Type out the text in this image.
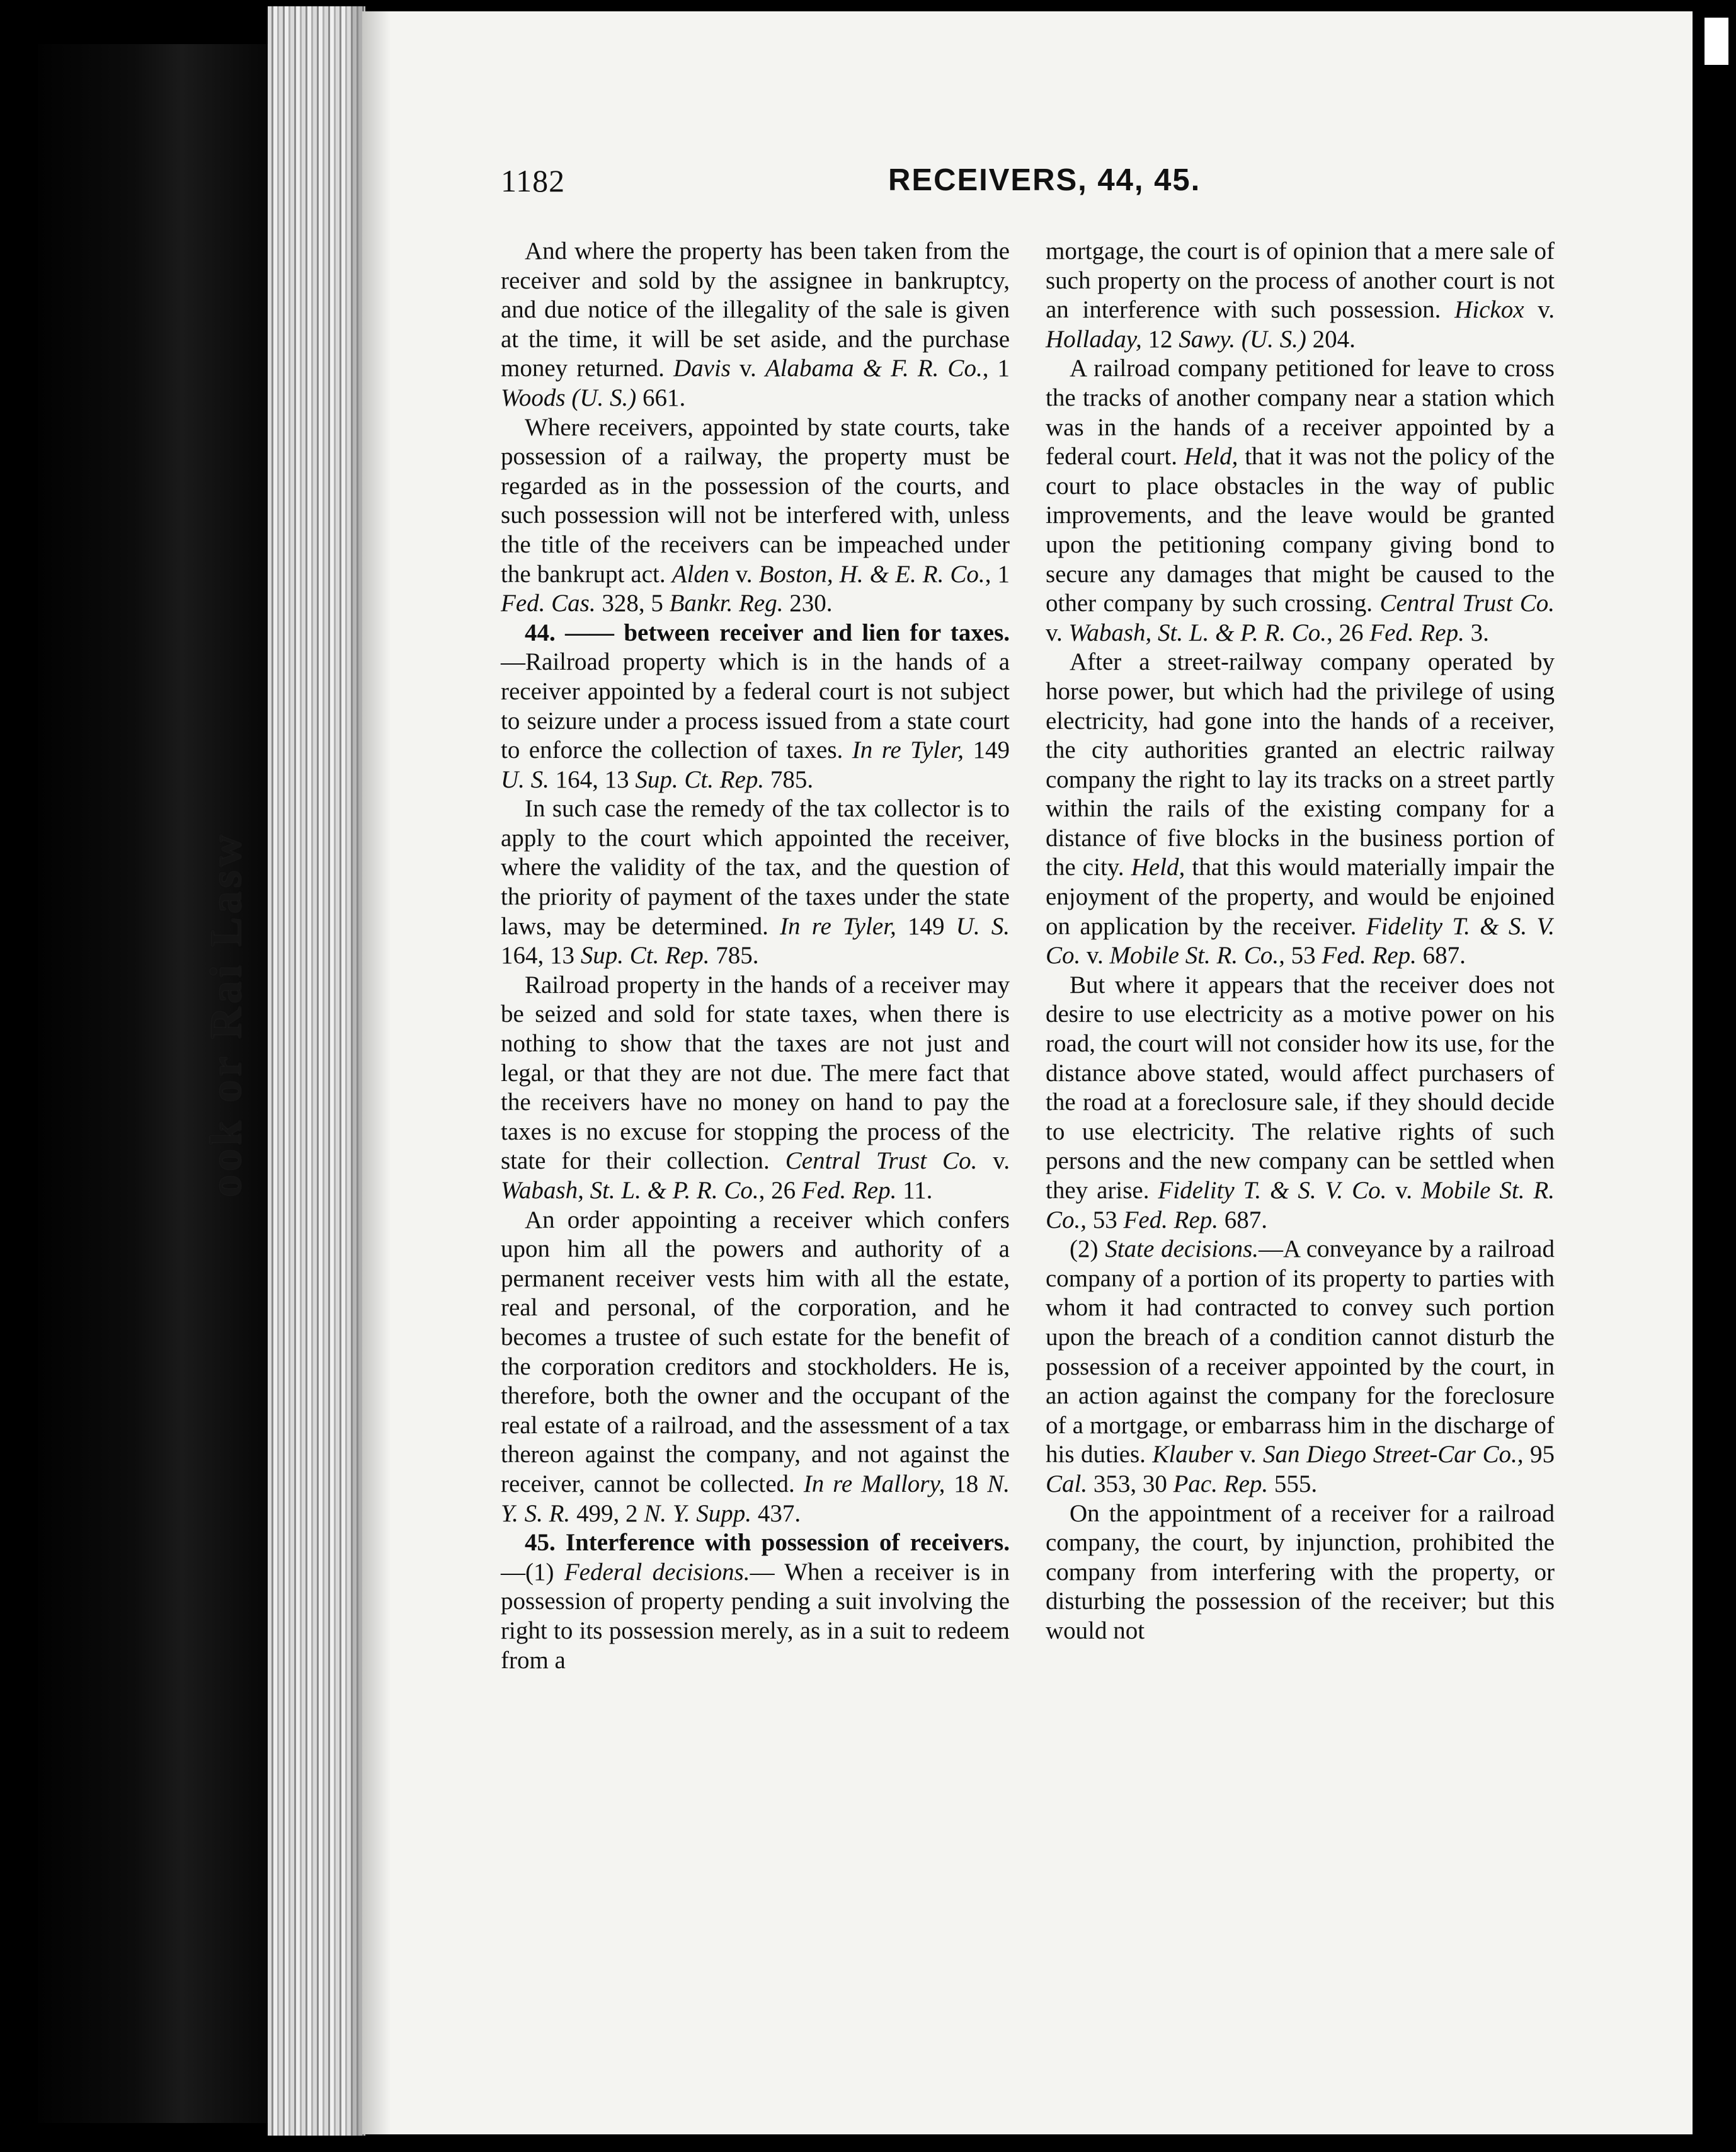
ook or Rai Lasw
1182	RECEIVERS, 44, 45.

And where the property has been taken from the receiver and sold by the assignee in bankruptcy, and due notice of the illegality of the sale is given at the time, it will be set aside, and the purchase money returned. Davis v. Alabama & F. R. Co., 1 Woods (U. S.) 661.

Where receivers, appointed by state courts, take possession of a railway, the property must be regarded as in the possession of the courts, and such possession will not be interfered with, unless the title of the receivers can be impeached under the bankrupt act. Alden v. Boston, H. & E. R. Co., 1 Fed. Cas. 328, 5 Bankr. Reg. 230.

44. —— between receiver and lien for taxes.—Railroad property which is in the hands of a receiver appointed by a federal court is not subject to seizure under a process issued from a state court to enforce the collection of taxes. In re Tyler, 149 U. S. 164, 13 Sup. Ct. Rep. 785.

In such case the remedy of the tax collector is to apply to the court which appointed the receiver, where the validity of the tax, and the question of the priority of payment of the taxes under the state laws, may be determined. In re Tyler, 149 U. S. 164, 13 Sup. Ct. Rep. 785.

Railroad property in the hands of a receiver may be seized and sold for state taxes, when there is nothing to show that the taxes are not just and legal, or that they are not due. The mere fact that the receivers have no money on hand to pay the taxes is no excuse for stopping the process of the state for their collection. Central Trust Co. v. Wabash, St. L. & P. R. Co., 26 Fed. Rep. 11.

An order appointing a receiver which confers upon him all the powers and authority of a permanent receiver vests him with all the estate, real and personal, of the corporation, and he becomes a trustee of such estate for the benefit of the corporation creditors and stockholders. He is, therefore, both the owner and the occupant of the real estate of a railroad, and the assessment of a tax thereon against the company, and not against the receiver, cannot be collected. In re Mallory, 18 N. Y. S. R. 499, 2 N. Y. Supp. 437.

45. Interference with possession of receivers. —(1) Federal decisions.— When a receiver is in possession of property pending a suit involving the right to its possession merely, as in a suit to redeem from a

mortgage, the court is of opinion that a mere sale of such property on the process of another court is not an interference with such possession. Hickox v. Holladay, 12 Sawy. (U. S.) 204.

A railroad company petitioned for leave to cross the tracks of another company near a station which was in the hands of a receiver appointed by a federal court. Held, that it was not the policy of the court to place obstacles in the way of public improvements, and the leave would be granted upon the petitioning company giving bond to secure any damages that might be caused to the other company by such crossing. Central Trust Co. v. Wabash, St. L. & P. R. Co., 26 Fed. Rep. 3.

After a street-railway company operated by horse power, but which had the privilege of using electricity, had gone into the hands of a receiver, the city authorities granted an electric railway company the right to lay its tracks on a street partly within the rails of the existing company for a distance of five blocks in the business portion of the city. Held, that this would materially impair the enjoyment of the property, and would be enjoined on application by the receiver. Fidelity T. & S. V. Co. v. Mobile St. R. Co., 53 Fed. Rep. 687.

But where it appears that the receiver does not desire to use electricity as a motive power on his road, the court will not consider how its use, for the distance above stated, would affect purchasers of the road at a foreclosure sale, if they should decide to use electricity. The relative rights of such persons and the new company can be settled when they arise. Fidelity T. & S. V. Co. v. Mobile St. R. Co., 53 Fed. Rep. 687.

(2) State decisions.—A conveyance by a railroad company of a portion of its property to parties with whom it had contracted to convey such portion upon the breach of a condition cannot disturb the possession of a receiver appointed by the court, in an action against the company for the foreclosure of a mortgage, or embarrass him in the discharge of his duties. Klauber v. San Diego Street-Car Co., 95 Cal. 353, 30 Pac. Rep. 555.

On the appointment of a receiver for a railroad company, the court, by injunction, prohibited the company from interfering with the property, or disturbing the possession of the receiver; but this would not
